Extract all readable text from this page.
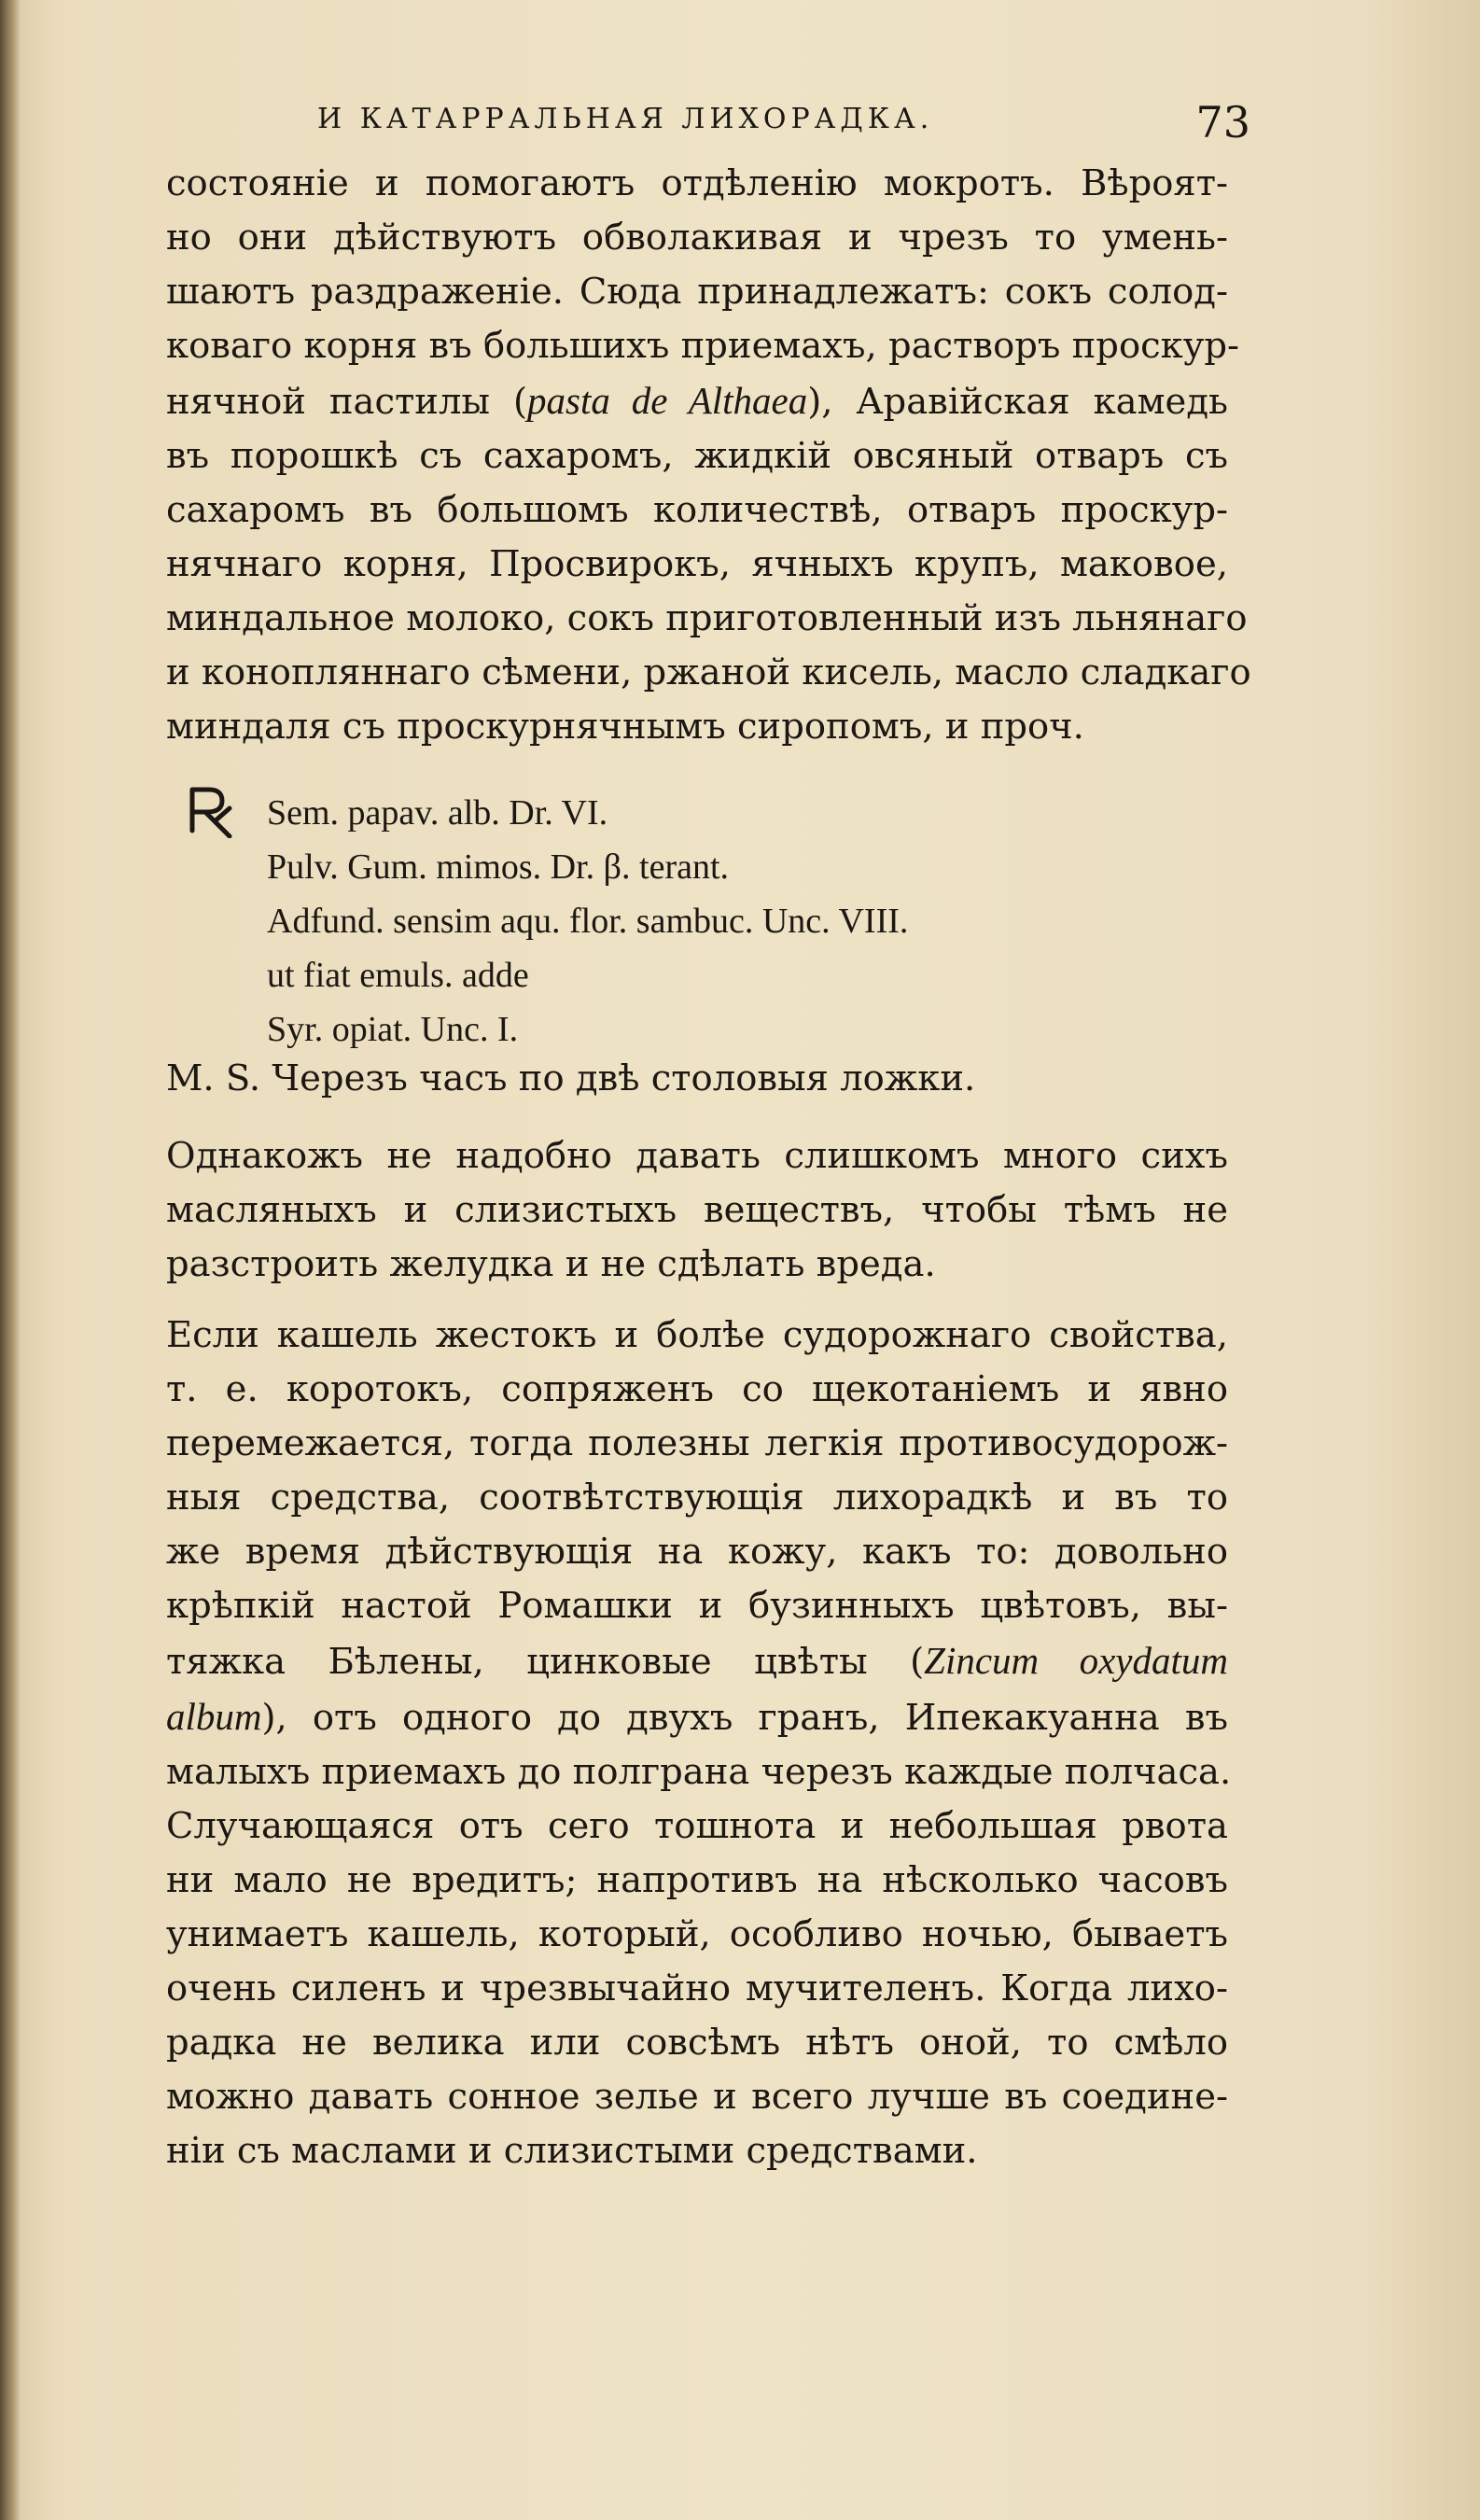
И КАТАРРАЛЬНАЯ ЛИХОРАДКА.	73
состояніе и помогаютъ отдѣленію мокротъ. Вѣроят-
но они дѣйствуютъ обволакивая и чрезъ то умень-
шаютъ раздраженіе. Сюда принадлежатъ: сокъ солод-
коваго корня въ большихъ приемахъ, растворъ проскур-
нячной пастилы (pasta de Althaea), Аравійская камедь
въ порошкѣ съ сахаромъ, жидкій овсяный отваръ съ
сахаромъ въ большомъ количествѣ, отваръ проскур-
нячнаго корня, Просвирокъ, ячныхъ крупъ, маковое,
миндальное молоко, сокъ приготовленный изъ льнянаго
и конопляннаго сѣмени, ржаной кисель, масло сладкаго
миндаля съ проскурнячнымъ сиропомъ, и проч.
Sem. papav. alb. Dr. VI.
Pulv. Gum. mimos. Dr. β. terant.
Adfund. sensim aqu. flor. sambuc. Unc. VIII.
ut fiat emuls. adde
Syr. opiat. Unc. I.
M. S. Черезъ часъ по двѣ столовыя ложки.
Однакожъ не надобно давать слишкомъ много сихъ
масляныхъ и слизистыхъ веществъ, чтобы тѣмъ не
разстроить желудка и не сдѣлать вреда.
Если кашель жестокъ и болѣе судорожнаго свойства,
т. е. коротокъ, сопряженъ со щекотаніемъ и явно
перемежается, тогда полезны легкія противосудорож-
ныя средства, соотвѣтствующія лихорадкѣ и въ то
же время дѣйствующія на кожу, какъ то: довольно
крѣпкій настой Ромашки и бузинныхъ цвѣтовъ, вы-
тяжка Бѣлены, цинковые цвѣты (Zincum oxydatum
album), отъ одного до двухъ гранъ, Ипекакуанна въ
малыхъ приемахъ до полграна черезъ каждые полчаса.
Случающаяся отъ сего тошнота и небольшая рвота
ни мало не вредитъ; напротивъ на нѣсколько часовъ
унимаетъ кашель, который, особливо ночью, бываетъ
очень силенъ и чрезвычайно мучителенъ. Когда лихо-
радка не велика или совсѣмъ нѣтъ оной, то смѣло
можно давать сонное зелье и всего лучше въ соедине-
ніи съ маслами и слизистыми средствами.
